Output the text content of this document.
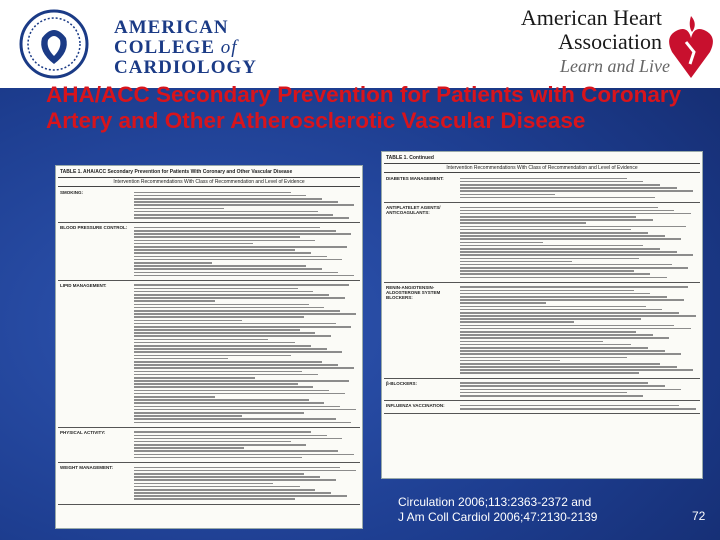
AMERICAN
COLLEGE of
CARDIOLOGY
American Heart
Association
Learn and Live
AHA/ACC Secondary Prevention for Patients with Coronary Artery and Other Atherosclerotic Vascular Disease
TABLE 1. AHA/ACC Secondary Prevention for Patients With Coronary and Other Vascular Disease
Intervention Recommendations With Class of Recommendation and Level of Evidence
SMOKING:
BLOOD PRESSURE CONTROL:
LIPID MANAGEMENT:
PHYSICAL ACTIVITY:
WEIGHT MANAGEMENT:
TABLE 1. Continued
Intervention Recommendations With Class of Recommendation and Level of Evidence
DIABETES MANAGEMENT:
ANTIPLATELET AGENTS/ ANTICOAGULANTS:
RENIN-ANGIOTENSIN-ALDOSTERONE SYSTEM BLOCKERS:
β-BLOCKERS:
INFLUENZA VACCINATION:
Circulation 2006;113:2363-2372 and
J Am Coll Cardiol 2006;47:2130-2139	72
